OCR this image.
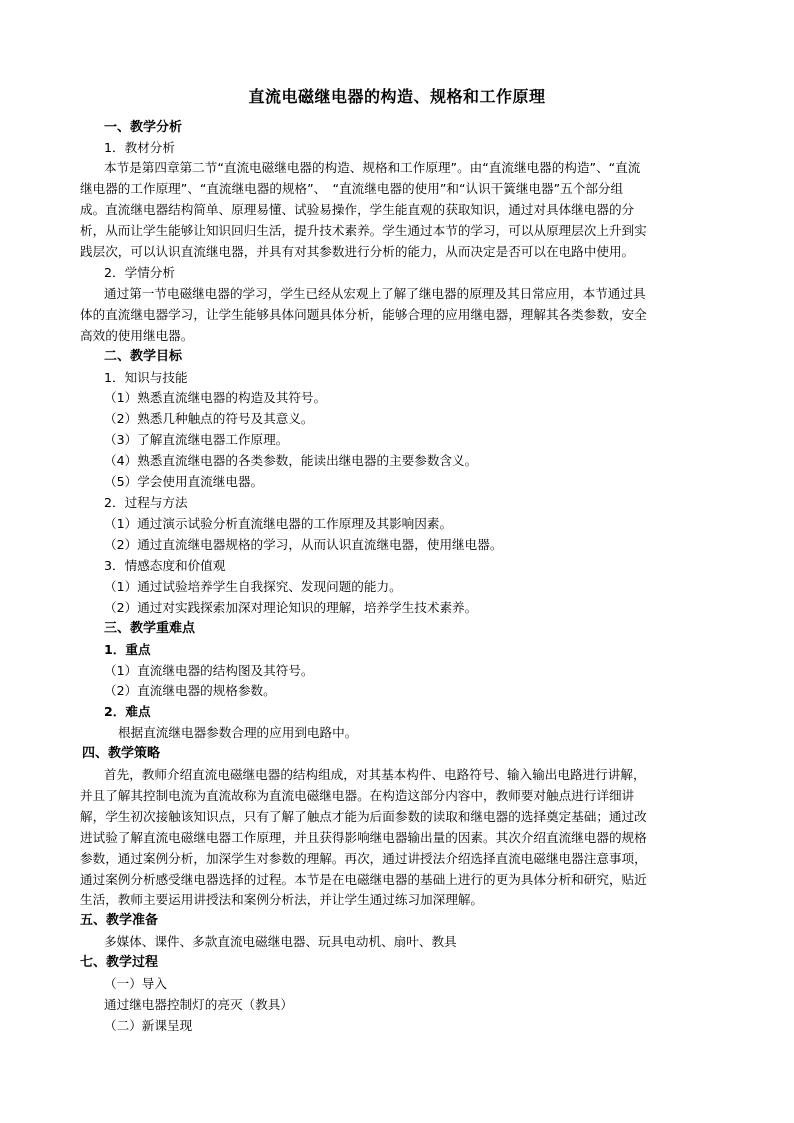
直流电磁继电器的构造、规格和工作原理
一、教学分析
1．教材分析
本节是第四章第二节“直流电磁继电器的构造、规格和工作原理”。由“直流继电器的构造”、“直流
继电器的工作原理”、“直流继电器的规格”、　“直流继电器的使用”和“认识干簧继电器”五个部分组
成。直流继电器结构简单、原理易懂、试验易操作，学生能直观的获取知识，通过对具体继电器的分
析，从而让学生能够让知识回归生活，提升技术素养。学生通过本节的学习，可以从原理层次上升到实
践层次，可以认识直流继电器，并具有对其参数进行分析的能力，从而决定是否可以在电路中使用。
2．学情分析
通过第一节电磁继电器的学习，学生已经从宏观上了解了继电器的原理及其日常应用，本节通过具
体的直流继电器学习，让学生能够具体问题具体分析，能够合理的应用继电器，理解其各类参数，安全
高效的使用继电器。
二、教学目标
1．知识与技能
（1）熟悉直流继电器的构造及其符号。
（2）熟悉几种触点的符号及其意义。
（3）了解直流继电器工作原理。
（4）熟悉直流继电器的各类参数，能读出继电器的主要参数含义。
（5）学会使用直流继电器。
2．过程与方法
（1）通过演示试验分析直流继电器的工作原理及其影响因素。
（2）通过直流继电器规格的学习，从而认识直流继电器，使用继电器。
3．情感态度和价值观
（1）通过试验培养学生自我探究、发现问题的能力。
（2）通过对实践探索加深对理论知识的理解，培养学生技术素养。
三、教学重难点
1．重点
（1）直流继电器的结构图及其符号。
（2）直流继电器的规格参数。
2．难点
根据直流继电器参数合理的应用到电路中。
四、教学策略
首先，教师介绍直流电磁继电器的结构组成，对其基本构件、电路符号、输入输出电路进行讲解，
并且了解其控制电流为直流故称为直流电磁继电器。在构造这部分内容中，教师要对触点进行详细讲
解，学生初次接触该知识点，只有了解了触点才能为后面参数的读取和继电器的选择奠定基础；通过改
进试验了解直流电磁继电器工作原理，并且获得影响继电器输出量的因素。其次介绍直流继电器的规格
参数，通过案例分析，加深学生对参数的理解。再次，通过讲授法介绍选择直流电磁继电器注意事项，
通过案例分析感受继电器选择的过程。本节是在电磁继电器的基础上进行的更为具体分析和研究，贴近
生活，教师主要运用讲授法和案例分析法，并让学生通过练习加深理解。
五、教学准备
多媒体、课件、多款直流电磁继电器、玩具电动机、扇叶、教具
七、教学过程
（一）导入
通过继电器控制灯的亮灭（教具）
（二）新课呈现
